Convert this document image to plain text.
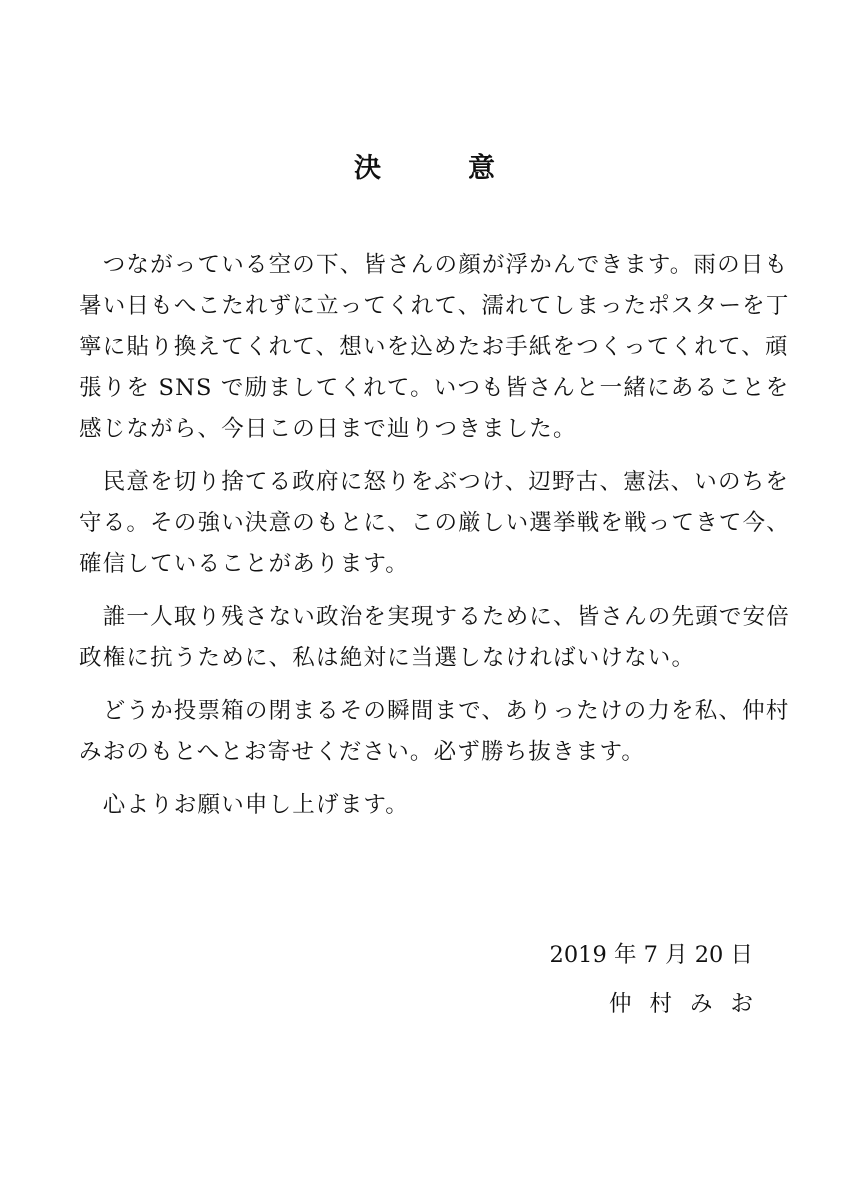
決　意
　つながっている空の下、皆さんの顔が浮かんできます。雨の日も
暑い日もへこたれずに立ってくれて、濡れてしまったポスターを丁
寧に貼り換えてくれて、想いを込めたお手紙をつくってくれて、頑
張りを SNS で励ましてくれて。いつも皆さんと一緒にあることを
感じながら、今日この日まで辿りつきました。
　民意を切り捨てる政府に怒りをぶつけ、辺野古、憲法、いのちを
守る。その強い決意のもとに、この厳しい選挙戦を戦ってきて今、
確信していることがあります。
　誰一人取り残さない政治を実現するために、皆さんの先頭で安倍
政権に抗うために、私は絶対に当選しなければいけない。
　どうか投票箱の閉まるその瞬間まで、ありったけの力を私、仲村
みおのもとへとお寄せください。必ず勝ち抜きます。
　心よりお願い申し上げます。
2019 年 7 月 20 日
仲村みお
